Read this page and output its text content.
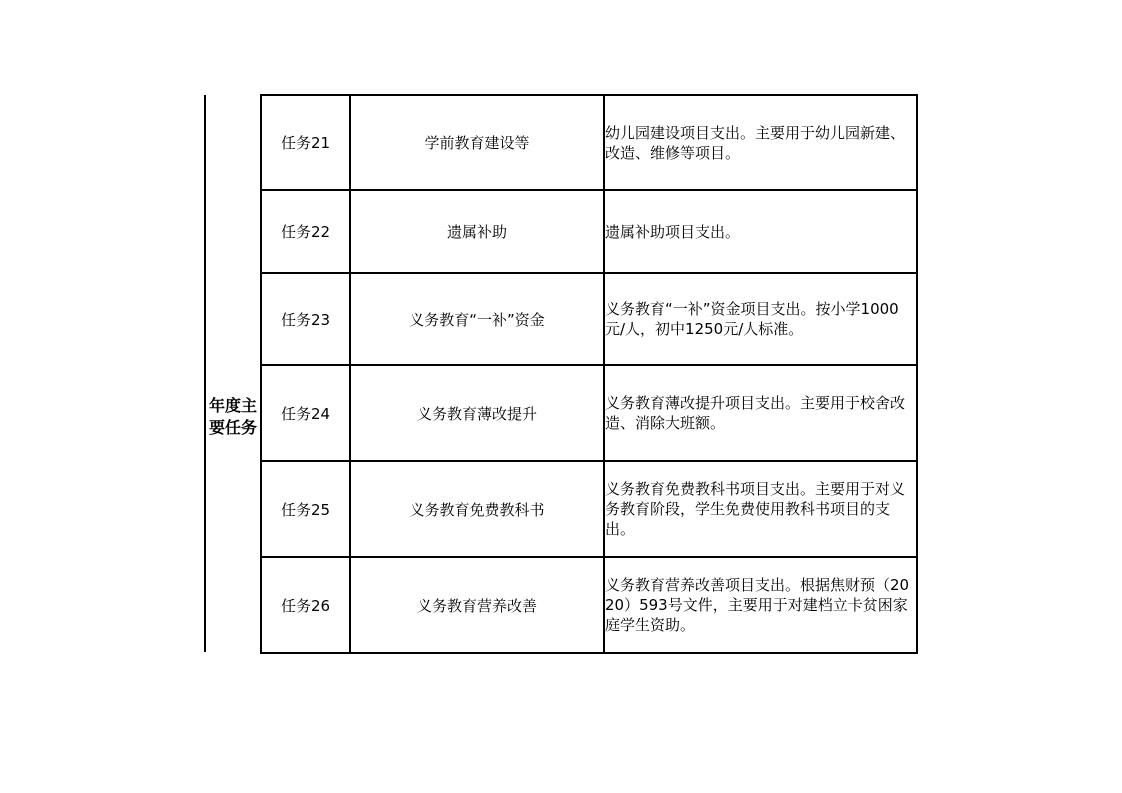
年度主要任务
任务21	学前教育建设等	幼儿园建设项目支出。主要用于幼儿园新建、改造、维修等项目。

任务22	遗属补助	遗属补助项目支出。

任务23	义务教育“一补”资金	义务教育“一补”资金项目支出。按小学1000元/人，初中1250元/人标准。

任务24	义务教育薄改提升	义务教育薄改提升项目支出。主要用于校舍改造、消除大班额。

任务25	义务教育免费教科书	义务教育免费教科书项目支出。主要用于对义务教育阶段，学生免费使用教科书项目的支出。

任务26	义务教育营养改善	义务教育营养改善项目支出。根据焦财预（2020）593号文件，主要用于对建档立卡贫困家庭学生资助。
